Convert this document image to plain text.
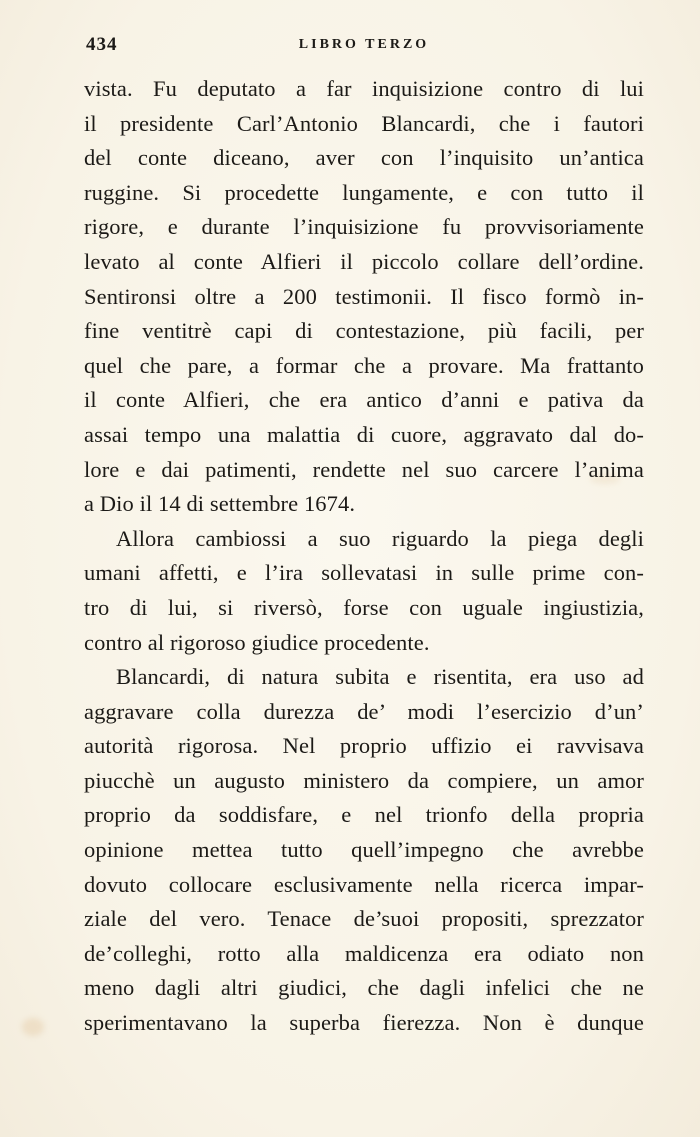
434	LIBRO TERZO
vista. Fu deputato a far inquisizione contro di lui
il presidente Carl’Antonio Blancardi, che i fautori
del conte diceano, aver con l’inquisito un’antica
ruggine. Si procedette lungamente, e con tutto il
rigore, e durante l’inquisizione fu provvisoriamente
levato al conte Alfieri il piccolo collare dell’ordine.
Sentironsi oltre a 200 testimonii. Il fisco formò in-
fine ventitrè capi di contestazione, più facili, per
quel che pare, a formar che a provare. Ma frattanto
il conte Alfieri, che era antico d’anni e pativa da
assai tempo una malattia di cuore, aggravato dal do-
lore e dai patimenti, rendette nel suo carcere l’anima
a Dio il 14 di settembre 1674.
Allora cambiossi a suo riguardo la piega degli
umani affetti, e l’ira sollevatasi in sulle prime con-
tro di lui, si riversò, forse con uguale ingiustizia,
contro al rigoroso giudice procedente.
Blancardi, di natura subita e risentita, era uso ad
aggravare colla durezza de’ modi l’esercizio d’un’
autorità rigorosa. Nel proprio uffizio ei ravvisava
piucchè un augusto ministero da compiere, un amor
proprio da soddisfare, e nel trionfo della propria
opinione mettea tutto quell’impegno che avrebbe
dovuto collocare esclusivamente nella ricerca impar-
ziale del vero. Tenace de’suoi propositi, sprezzator
de’colleghi, rotto alla maldicenza era odiato non
meno dagli altri giudici, che dagli infelici che ne
sperimentavano la superba fierezza. Non è dunque
